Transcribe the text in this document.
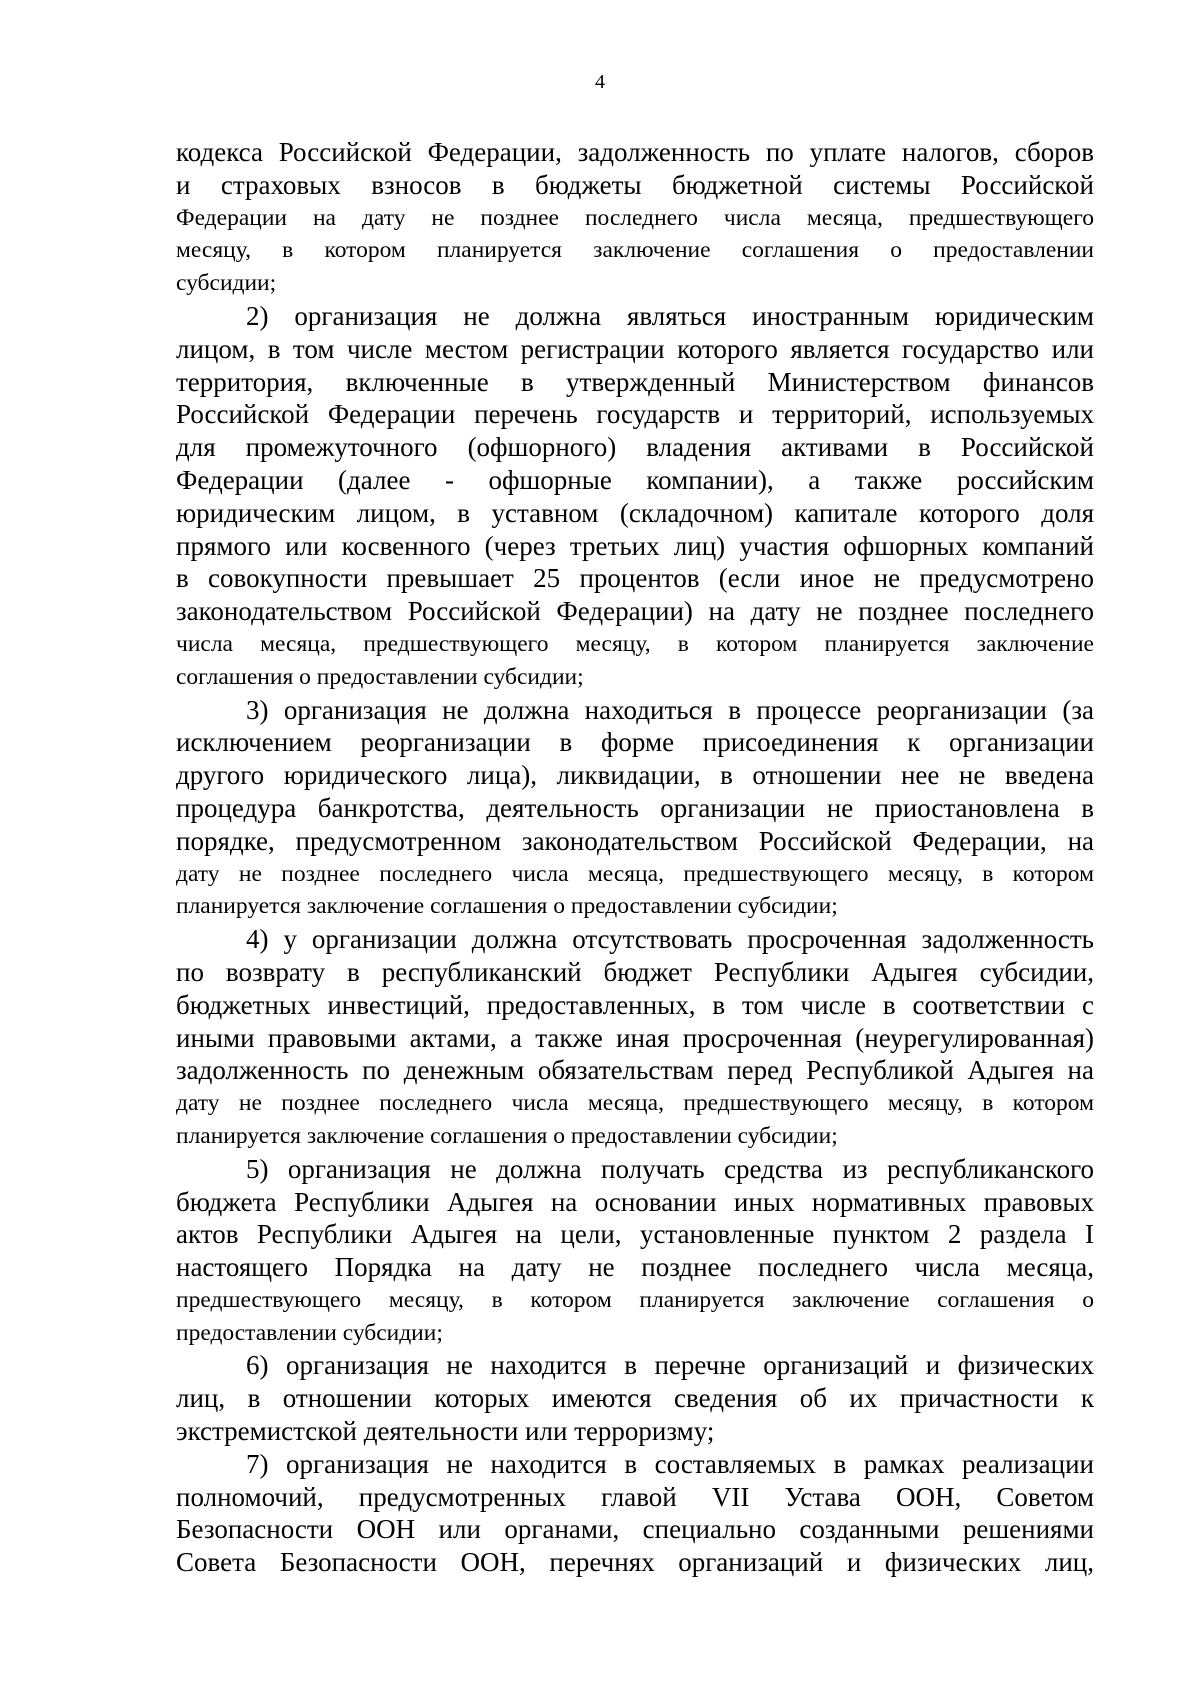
4
кодекса Российской Федерации, задолженность по уплате налогов, сборов
и страховых взносов в бюджеты бюджетной системы Российской
Федерации на дату не позднее последнего числа месяца, предшествующего
месяцу, в котором планируется заключение соглашения о предоставлении
субсидии;
2) организация не должна являться иностранным юридическим
лицом, в том числе местом регистрации которого является государство или
территория, включенные в утвержденный Министерством финансов
Российской Федерации перечень государств и территорий, используемых
для промежуточного (офшорного) владения активами в Российской
Федерации (далее - офшорные компании), а также российским
юридическим лицом, в уставном (складочном) капитале которого доля
прямого или косвенного (через третьих лиц) участия офшорных компаний
в совокупности превышает 25 процентов (если иное не предусмотрено
законодательством Российской Федерации) на дату не позднее последнего
числа месяца, предшествующего месяцу, в котором планируется заключение
соглашения о предоставлении субсидии;
3) организация не должна находиться в процессе реорганизации (за
исключением реорганизации в форме присоединения к организации
другого юридического лица), ликвидации, в отношении нее не введена
процедура банкротства, деятельность организации не приостановлена в
порядке, предусмотренном законодательством Российской Федерации, на
дату не позднее последнего числа месяца, предшествующего месяцу, в котором
планируется заключение соглашения о предоставлении субсидии;
4) у организации должна отсутствовать просроченная задолженность
по возврату в республиканский бюджет Республики Адыгея субсидии,
бюджетных инвестиций, предоставленных, в том числе в соответствии с
иными правовыми актами, а также иная просроченная (неурегулированная)
задолженность по денежным обязательствам перед Республикой Адыгея на
дату не позднее последнего числа месяца, предшествующего месяцу, в котором
планируется заключение соглашения о предоставлении субсидии;
5) организация не должна получать средства из республиканского
бюджета Республики Адыгея на основании иных нормативных правовых
актов Республики Адыгея на цели, установленные пунктом 2 раздела I
настоящего Порядка на дату не позднее последнего числа месяца,
предшествующего месяцу, в котором планируется заключение соглашения о
предоставлении субсидии;
6) организация не находится в перечне организаций и физических
лиц, в отношении которых имеются сведения об их причастности к
экстремистской деятельности или терроризму;
7) организация не находится в составляемых в рамках реализации
полномочий, предусмотренных главой VII Устава ООН, Советом
Безопасности ООН или органами, специально созданными решениями
Совета Безопасности ООН, перечнях организаций и физических лиц,
